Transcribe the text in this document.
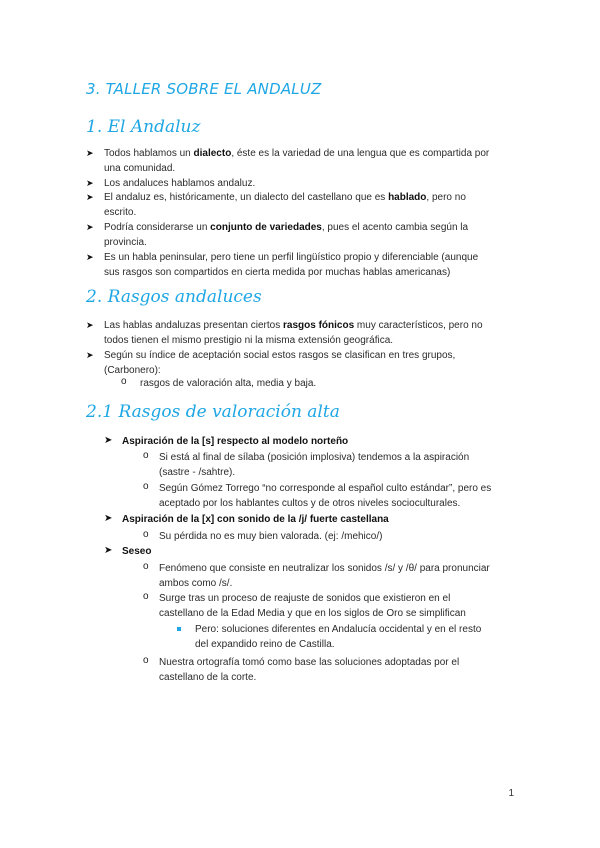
3. TALLER SOBRE EL ANDALUZ
1. El Andaluz
➤ Todos hablamos un dialecto, éste es la variedad de una lengua que es compartida por
una comunidad.
➤ Los andaluces hablamos andaluz.
➤ El andaluz es, históricamente, un dialecto del castellano que es hablado, pero no
escrito.
➤ Podría considerarse un conjunto de variedades, pues el acento cambia según la
provincia.
➤ Es un habla peninsular, pero tiene un perfil lingüístico propio y diferenciable (aunque
sus rasgos son compartidos en cierta medida por muchas hablas americanas)
2. Rasgos andaluces
➤ Las hablas andaluzas presentan ciertos rasgos fónicos muy característicos, pero no
todos tienen el mismo prestigio ni la misma extensión geográfica.
➤ Según su índice de aceptación social estos rasgos se clasifican en tres grupos,
(Carbonero):
o rasgos de valoración alta, media y baja.
2.1 Rasgos de valoración alta
➤ Aspiración de la [s] respecto al modelo norteño
o Si está al final de sílaba (posición implosiva) tendemos a la aspiración
(sastre - /sahtre).
o Según Gómez Torrego “no corresponde al español culto estándar”, pero es
aceptado por los hablantes cultos y de otros niveles socioculturales.
➤ Aspiración de la [x] con sonido de la /j/ fuerte castellana
o Su pérdida no es muy bien valorada. (ej: /mehico/)
➤ Seseo
o Fenómeno que consiste en neutralizar los sonidos /s/ y /θ/ para pronunciar
ambos como /s/.
o Surge tras un proceso de reajuste de sonidos que existieron en el
castellano de la Edad Media y que en los siglos de Oro se simplifican
Pero: soluciones diferentes en Andalucía occidental y en el resto
del expandido reino de Castilla.
o Nuestra ortografía tomó como base las soluciones adoptadas por el
castellano de la corte.
1
